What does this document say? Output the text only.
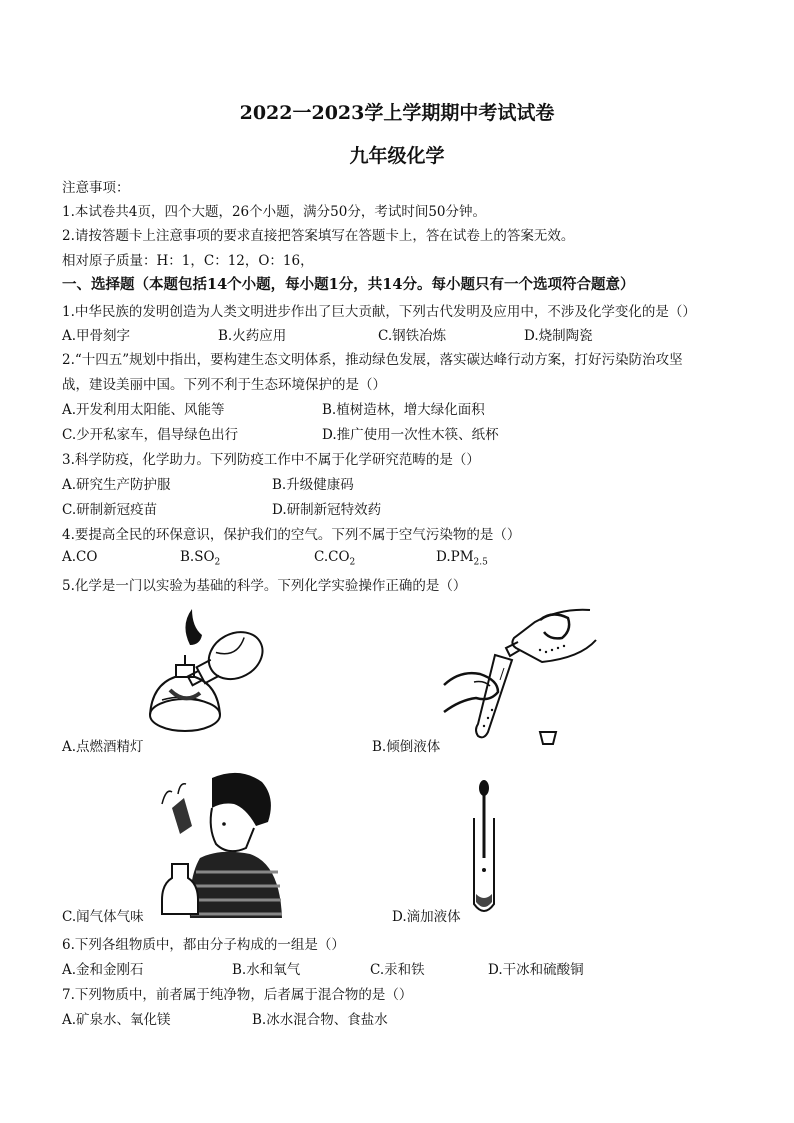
2022一2023学上学期期中考试试卷
九年级化学
注意事项：
1.本试卷共4页，四个大题，26个小题，满分50分，考试时间50分钟。
2.请按答题卡上注意事项的要求直接把答案填写在答题卡上，答在试卷上的答案无效。
相对原子质量：H：1，C：12，O：16，
一、选择题（本题包括14个小题，每小题1分，共14分。每小题只有一个选项符合题意）
1.中华民族的发明创造为人类文明进步作出了巨大贡献，下列古代发明及应用中，不涉及化学变化的是（）
A.甲骨刻字	B.火药应用	C.钢铁冶炼	D.烧制陶瓷
2.“十四五”规划中指出，要构建生态文明体系，推动绿色发展，落实碳达峰行动方案，打好污染防治攻坚
战，建设美丽中国。下列不利于生态环境保护的是（）
A.开发利用太阳能、风能等	B.植树造林，增大绿化面积
C.少开私家车，倡导绿色出行	D.推广使用一次性木筷、纸杯
3.科学防疫，化学助力。下列防疫工作中不属于化学研究范畴的是（）
A.研究生产防护服	B.升级健康码
C.研制新冠疫苗	D.研制新冠特效药
4.要提高全民的环保意识，保护我们的空气。下列不属于空气污染物的是（）
A.CO	$B.SO_2$	$C.CO_2$	$D.PM_{2.5}$
5.化学是一门以实验为基础的科学。下列化学实验操作正确的是（）
A.点燃酒精灯	B.倾倒液体
C.闻气体气味	D.滴加液体
6.下列各组物质中，都由分子构成的一组是（）
A.金和金刚石	B.水和氧气	C.汞和铁	D.干冰和硫酸铜
7.下列物质中，前者属于纯净物，后者属于混合物的是（）
A.矿泉水、氧化镁	B.冰水混合物、食盐水
